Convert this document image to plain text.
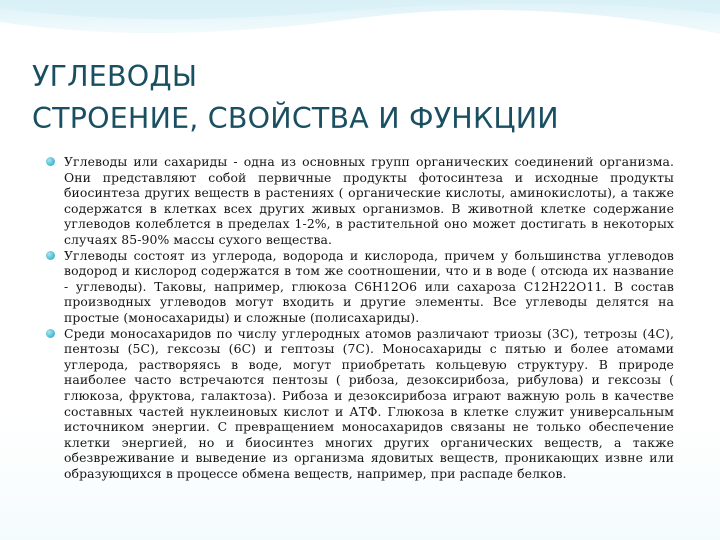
УГЛЕВОДЫ
СТРОЕНИЕ, СВОЙСТВА И ФУНКЦИИ
Углеводы или сахариды - одна из основных групп органических соединений организма. Они представляют собой первичные продукты фотосинтеза и исходные продукты биосинтеза других веществ в растениях ( органические кислоты, аминокислоты), а также содержатся в клетках всех других живых организмов. В животной клетке содержание углеводов колеблется в пределах 1-2%, в растительной оно может достигать в некоторых случаях 85-90% массы сухого вещества.
Углеводы состоят из углерода, водорода и кислорода, причем у большинства углеводов водород и кислород содержатся в том же соотношении, что и в воде ( отсюда их название - углеводы). Таковы, например, глюкоза С6Н12О6 или сахароза С12Н22О11. В состав производных углеводов могут входить и другие элементы. Все углеводы делятся на простые (моносахариды) и сложные (полисахариды).
Среди моносахаридов по числу углеродных атомов различают триозы (3С), тетрозы (4С), пентозы (5С), гексозы (6С) и гептозы (7С). Моносахариды с пятью и более атомами углерода, растворяясь в воде, могут приобретать кольцевую структуру. В природе наиболее часто встречаются пентозы ( рибоза, дезоксирибоза, рибулова) и гексозы ( глюкоза, фруктова, галактоза). Рибоза и дезоксирибоза играют важную роль в качестве составных частей нуклеиновых кислот и АТФ. Глюкоза в клетке служит универсальным источником энергии. С превращением моносахаридов связаны не только обеспечение клетки энергией, но и биосинтез многих других органических веществ, а также обезвреживание и выведение из организма ядовитых веществ, проникающих извне или образующихся в процессе обмена веществ, например, при распаде белков.
